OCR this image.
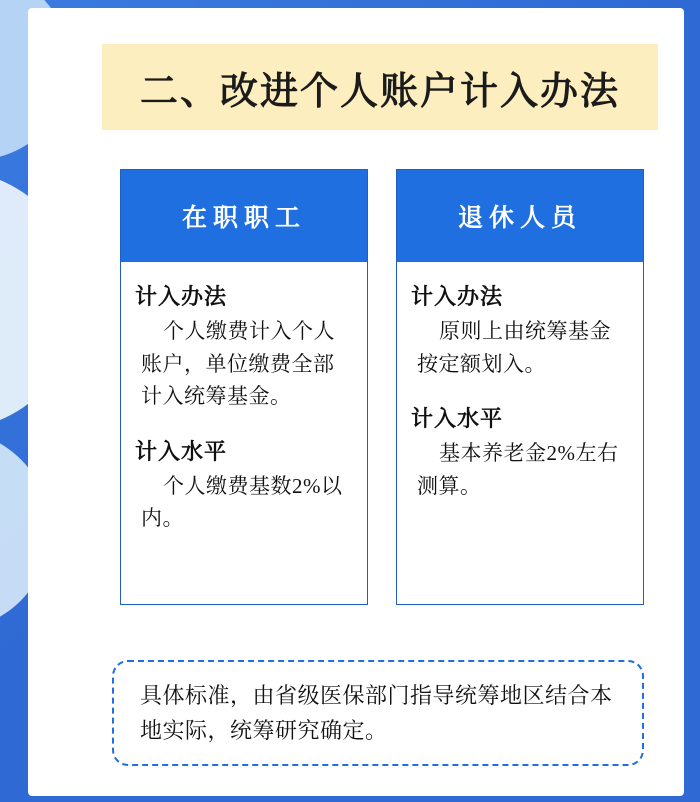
二、改进个人账户计入办法
在职职工
计入办法
个人缴费计入个人账户，单位缴费全部计入统筹基金。
计入水平
个人缴费基数2%以内。
退休人员
计入办法
原则上由统筹基金按定额划入。
计入水平
基本养老金2%左右测算。
具体标准，由省级医保部门指导统筹地区结合本地实际，统筹研究确定。
